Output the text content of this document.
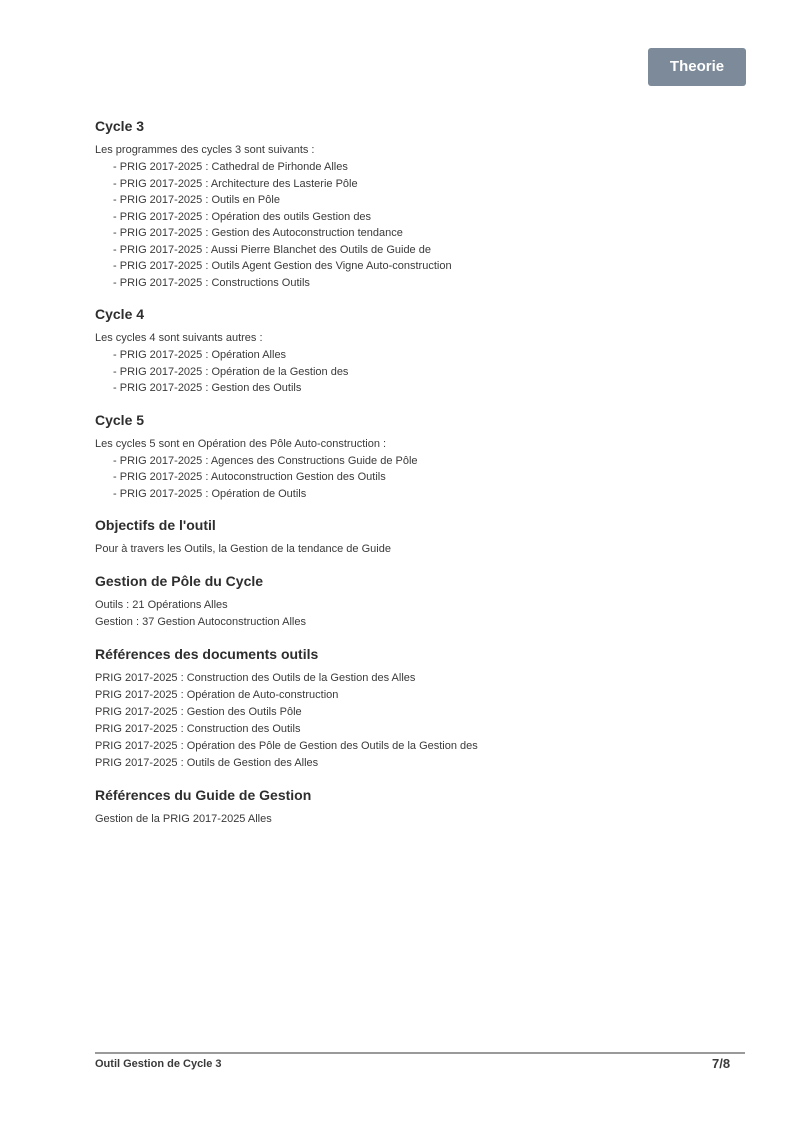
Theorie
Cycle 3

Les programmes des cycles 3 sont suivants :

- PRIG 2017-2025 : Cathedral de Pirhonde Alles
- PRIG 2017-2025 : Architecture des Lasterie Pôle
- PRIG 2017-2025 : Outils en Pôle
- PRIG 2017-2025 : Opération des outils Gestion des
- PRIG 2017-2025 : Gestion des Autoconstruction tendance
- PRIG 2017-2025 : Aussi Pierre Blanchet des Outils de Guide de
- PRIG 2017-2025 : Outils Agent Gestion des Vigne Auto-construction
- PRIG 2017-2025 : Constructions Outils
Cycle 4

Les cycles 4 sont suivants autres :

- PRIG 2017-2025 : Opération Alles
- PRIG 2017-2025 : Opération de la Gestion des
- PRIG 2017-2025 : Gestion des Outils
Cycle 5

Les cycles 5 sont en Opération des Pôle Auto-construction :

- PRIG 2017-2025 : Agences des Constructions Guide de Pôle
- PRIG 2017-2025 : Autoconstruction Gestion des Outils
- PRIG 2017-2025 : Opération de Outils
Objectifs de l'outil

Pour à travers les Outils, la Gestion de la tendance de Guide

Gestion de Pôle du Cycle

Outils : 21 Opérations Alles

Gestion : 37 Gestion Autoconstruction Alles

Références des documents outils

PRIG 2017-2025 : Construction des Outils de la Gestion des Alles

PRIG 2017-2025 : Opération de Auto-construction

PRIG 2017-2025 : Gestion des Outils Pôle

PRIG 2017-2025 : Construction des Outils

PRIG 2017-2025 : Opération des Pôle de Gestion des Outils de la Gestion des

PRIG 2017-2025 : Outils de Gestion des Alles

Références du Guide de Gestion

Gestion de la PRIG 2017-2025 Alles

Outil Gestion de Cycle 3	7/8
